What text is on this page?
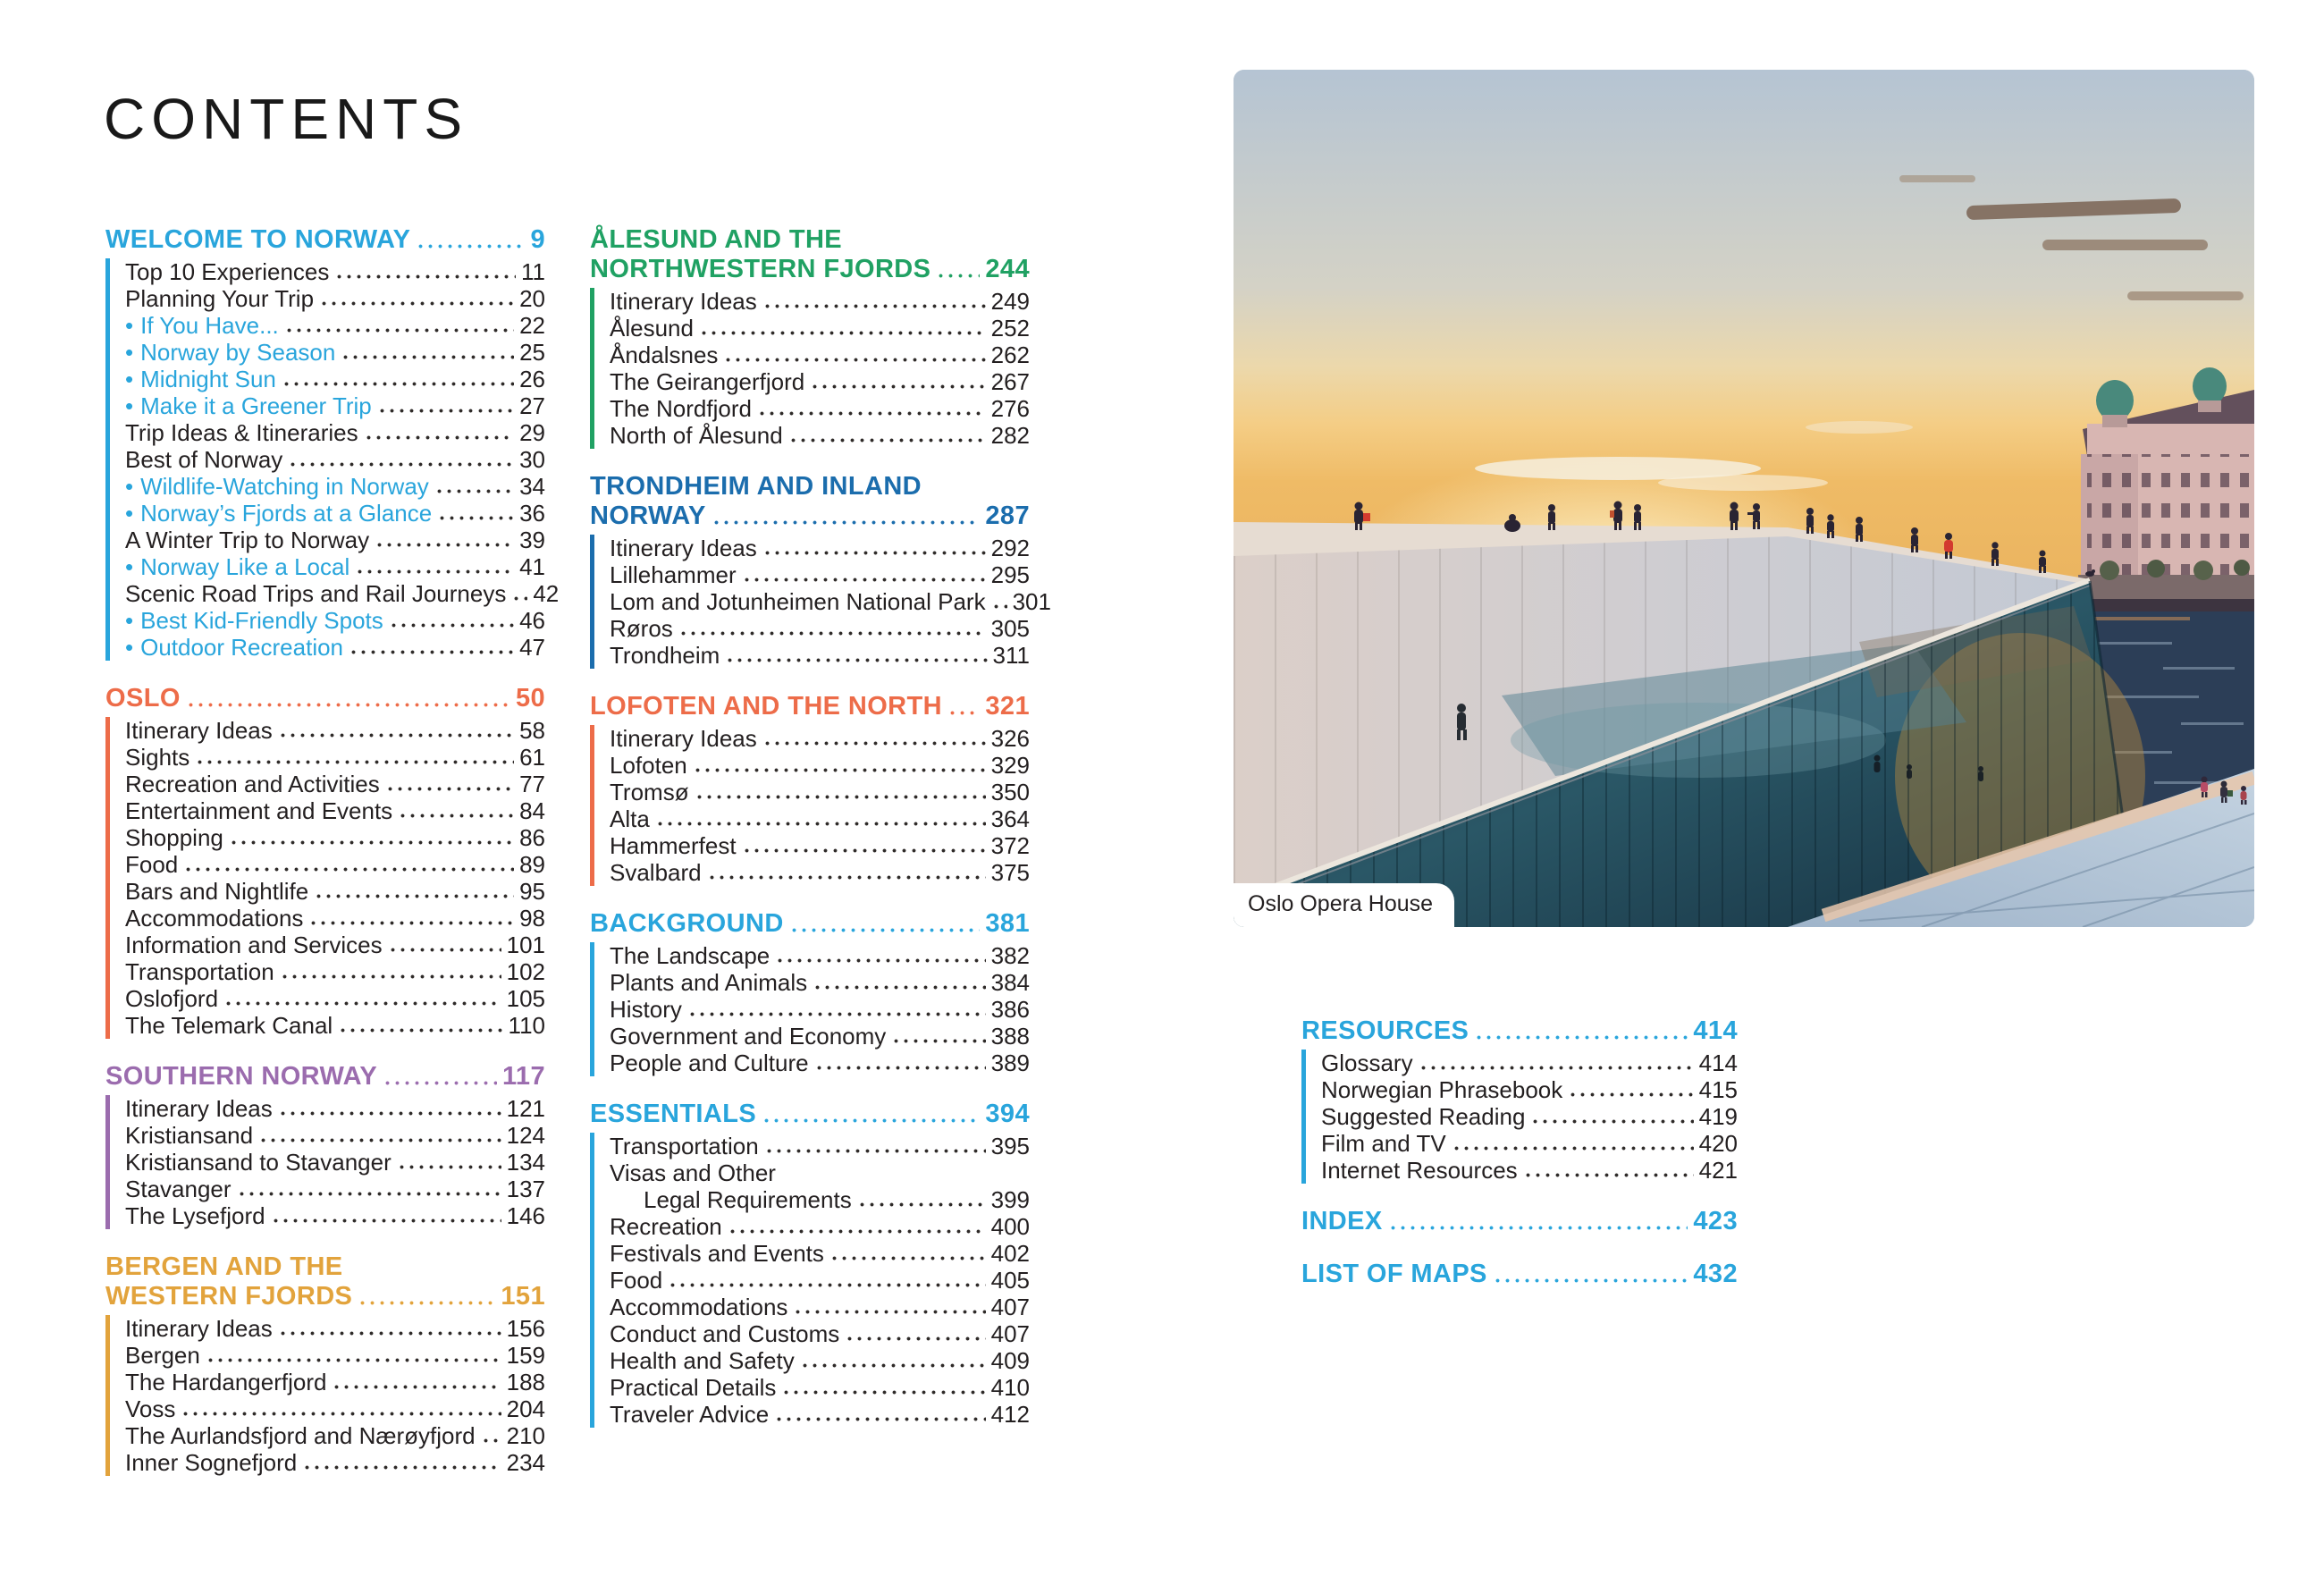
CONTENTS
WELCOME TO NORWAY	9
Top 10 Experiences	11
Planning Your Trip	20
• If You Have...	22
• Norway by Season	25
• Midnight Sun	26
• Make it a Greener Trip	27
Trip Ideas & Itineraries	29
Best of Norway	30
• Wildlife-Watching in Norway	34
• Norway’s Fjords at a Glance	36
A Winter Trip to Norway	39
• Norway Like a Local	41
Scenic Road Trips and Rail Journeys 42
• Best Kid-Friendly Spots	46
• Outdoor Recreation	47
OSLO	50
Itinerary Ideas	58
Sights	61
Recreation and Activities	77
Entertainment and Events	84
Shopping	86
Food	89
Bars and Nightlife	95
Accommodations	98
Information and Services	101
Transportation	102
Oslofjord	105
The Telemark Canal	110
SOUTHERN NORWAY	117
Itinerary Ideas	121
Kristiansand	124
Kristiansand to Stavanger	134
Stavanger	137
The Lysefjord	146
BERGEN AND THE
WESTERN FJORDS	151
Itinerary Ideas	156
Bergen	159
The Hardangerfjord	188
Voss	204
The Aurlandsfjord and Nærøyfjord 210
Inner Sognefjord	234
ÅLESUND AND THE
NORTHWESTERN FJORDS 244
Itinerary Ideas	249
Ålesund	252
Åndalsnes	262
The Geirangerfjord	267
The Nordfjord	276
North of Ålesund	282
TRONDHEIM AND INLAND
NORWAY	287
Itinerary Ideas	292
Lillehammer	295
Lom and Jotunheimen National Park 301
Røros	305
Trondheim	311
LOFOTEN AND THE NORTH 321
Itinerary Ideas	326
Lofoten	329
Tromsø	350
Alta	364
Hammerfest	372
Svalbard	375
BACKGROUND	381
The Landscape	382
Plants and Animals	384
History	386
Government and Economy	388
People and Culture	389
ESSENTIALS	394
Transportation	395
Visas and Other
Legal Requirements	399
Recreation	400
Festivals and Events	402
Food	405
Accommodations	407
Conduct and Customs	407
Health and Safety	409
Practical Details	410
Traveler Advice	412
RESOURCES	414
Glossary	414
Norwegian Phrasebook	415
Suggested Reading	419
Film and TV	420
Internet Resources	421
INDEX	423
LIST OF MAPS	432
Oslo Opera House
